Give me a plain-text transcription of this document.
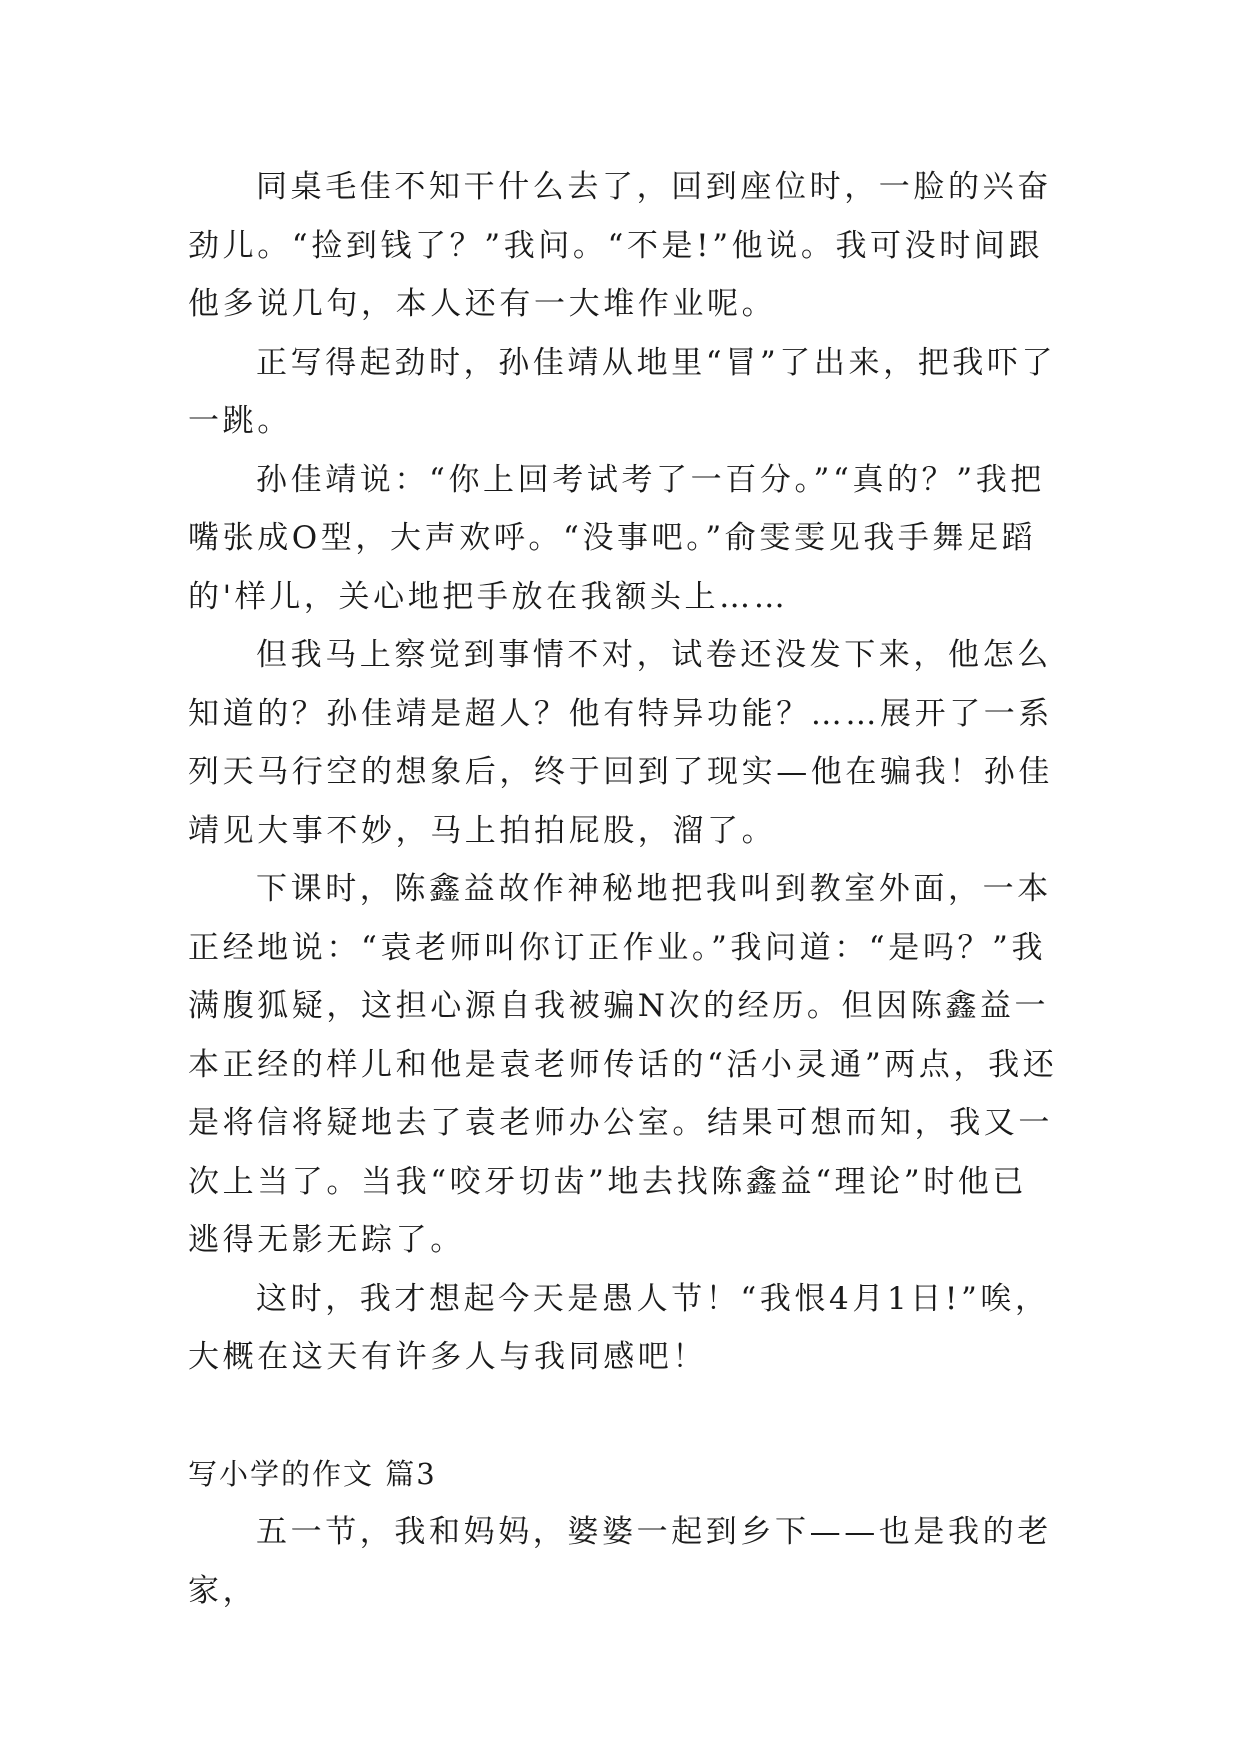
同桌毛佳不知干什么去了，回到座位时，一脸的兴奋劲儿。“捡到钱了？”我问。“不是!”他说。我可没时间跟他多说几句，本人还有一大堆作业呢。

正写得起劲时，孙佳靖从地里“冒”了出来，把我吓了一跳。

孙佳靖说：“你上回考试考了一百分。”“真的？”我把嘴张成O型，大声欢呼。“没事吧。”俞雯雯见我手舞足蹈的'样儿，关心地把手放在我额头上……

但我马上察觉到事情不对，试卷还没发下来，他怎么知道的？孙佳靖是超人？他有特异功能？……展开了一系列天马行空的想象后，终于回到了现实—他在骗我！孙佳靖见大事不妙，马上拍拍屁股，溜了。

下课时，陈鑫益故作神秘地把我叫到教室外面，一本正经地说：“袁老师叫你订正作业。”我问道：“是吗？”我满腹狐疑，这担心源自我被骗N次的经历。但因陈鑫益一本正经的样儿和他是袁老师传话的“活小灵通”两点，我还是将信将疑地去了袁老师办公室。结果可想而知，我又一次上当了。当我“咬牙切齿”地去找陈鑫益“理论”时他已逃得无影无踪了。

这时，我才想起今天是愚人节！“我恨4月1日!”唉，大概在这天有许多人与我同感吧！

写小学的作文 篇3

五一节，我和妈妈，婆婆一起到乡下——也是我的老家，
